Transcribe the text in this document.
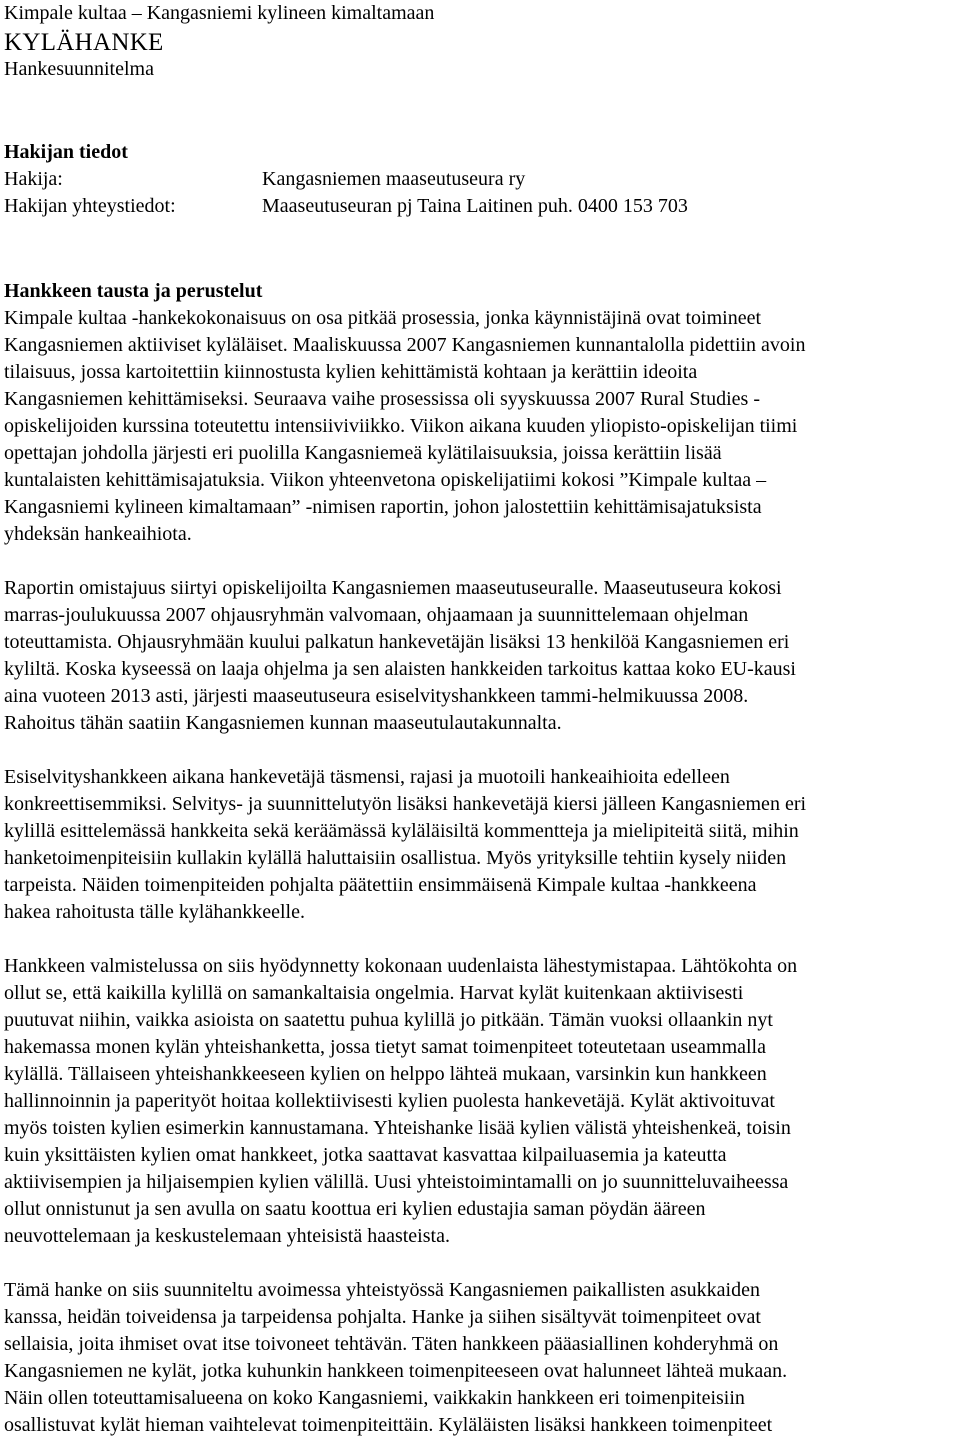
Kimpale kultaa – Kangasniemi kylineen kimaltamaan
KYLÄHANKE
Hankesuunnitelma
Hakijan tiedot
Hakija:	Kangasniemen maaseutuseura ry
Hakijan yhteystiedot:	Maaseutuseuran pj Taina Laitinen puh. 0400 153 703
Hankkeen tausta ja perustelut
Kimpale kultaa -hankekokonaisuus on osa pitkää prosessia, jonka käynnistäjinä ovat toimineet
Kangasniemen aktiiviset kyläläiset. Maaliskuussa 2007 Kangasniemen kunnantalolla pidettiin avoin
tilaisuus, jossa kartoitettiin kiinnostusta kylien kehittämistä kohtaan ja kerättiin ideoita
Kangasniemen kehittämiseksi. Seuraava vaihe prosessissa oli syyskuussa 2007 Rural Studies -
opiskelijoiden kurssina toteutettu intensiiviviikko. Viikon aikana kuuden yliopisto-opiskelijan tiimi
opettajan johdolla järjesti eri puolilla Kangasniemeä kylätilaisuuksia, joissa kerättiin lisää
kuntalaisten kehittämisajatuksia. Viikon yhteenvetona opiskelijatiimi kokosi ”Kimpale kultaa –
Kangasniemi kylineen kimaltamaan” -nimisen raportin, johon jalostettiin kehittämisajatuksista
yhdeksän hankeaihiota.
Raportin omistajuus siirtyi opiskelijoilta Kangasniemen maaseutuseuralle. Maaseutuseura kokosi
marras-joulukuussa 2007 ohjausryhmän valvomaan, ohjaamaan ja suunnittelemaan ohjelman
toteuttamista. Ohjausryhmään kuului palkatun hankevetäjän lisäksi 13 henkilöä Kangasniemen eri
kyliltä. Koska kyseessä on laaja ohjelma ja sen alaisten hankkeiden tarkoitus kattaa koko EU-kausi
aina vuoteen 2013 asti, järjesti maaseutuseura esiselvityshankkeen tammi-helmikuussa 2008.
Rahoitus tähän saatiin Kangasniemen kunnan maaseutulautakunnalta.
Esiselvityshankkeen aikana hankevetäjä täsmensi, rajasi ja muotoili hankeaihioita edelleen
konkreettisemmiksi. Selvitys- ja suunnittelutyön lisäksi hankevetäjä kiersi jälleen Kangasniemen eri
kylillä esittelemässä hankkeita sekä keräämässä kyläläisiltä kommentteja ja mielipiteitä siitä, mihin
hanketoimenpiteisiin kullakin kylällä haluttaisiin osallistua. Myös yrityksille tehtiin kysely niiden
tarpeista. Näiden toimenpiteiden pohjalta päätettiin ensimmäisenä Kimpale kultaa -hankkeena
hakea rahoitusta tälle kylähankkeelle.
Hankkeen valmistelussa on siis hyödynnetty kokonaan uudenlaista lähestymistapaa. Lähtökohta on
ollut se, että kaikilla kylillä on samankaltaisia ongelmia. Harvat kylät kuitenkaan aktiivisesti
puutuvat niihin, vaikka asioista on saatettu puhua kylillä jo pitkään. Tämän vuoksi ollaankin nyt
hakemassa monen kylän yhteishanketta, jossa tietyt samat toimenpiteet toteutetaan useammalla
kylällä. Tällaiseen yhteishankkeeseen kylien on helppo lähteä mukaan, varsinkin kun hankkeen
hallinnoinnin ja paperityöt hoitaa kollektiivisesti kylien puolesta hankevetäjä. Kylät aktivoituvat
myös toisten kylien esimerkin kannustamana. Yhteishanke lisää kylien välistä yhteishenkeä, toisin
kuin yksittäisten kylien omat hankkeet, jotka saattavat kasvattaa kilpailuasemia ja kateutta
aktiivisempien ja hiljaisempien kylien välillä. Uusi yhteistoimintamalli on jo suunnitteluvaiheessa
ollut onnistunut ja sen avulla on saatu koottua eri kylien edustajia saman pöydän ääreen
neuvottelemaan ja keskustelemaan yhteisistä haasteista.
Tämä hanke on siis suunniteltu avoimessa yhteistyössä Kangasniemen paikallisten asukkaiden
kanssa, heidän toiveidensa ja tarpeidensa pohjalta. Hanke ja siihen sisältyvät toimenpiteet ovat
sellaisia, joita ihmiset ovat itse toivoneet tehtävän. Täten hankkeen pääasiallinen kohderyhmä on
Kangasniemen ne kylät, jotka kuhunkin hankkeen toimenpiteeseen ovat halunneet lähteä mukaan.
Näin ollen toteuttamisalueena on koko Kangasniemi, vaikkakin hankkeen eri toimenpiteisiin
osallistuvat kylät hieman vaihtelevat toimenpiteittäin. Kyläläisten lisäksi hankkeen toimenpiteet
